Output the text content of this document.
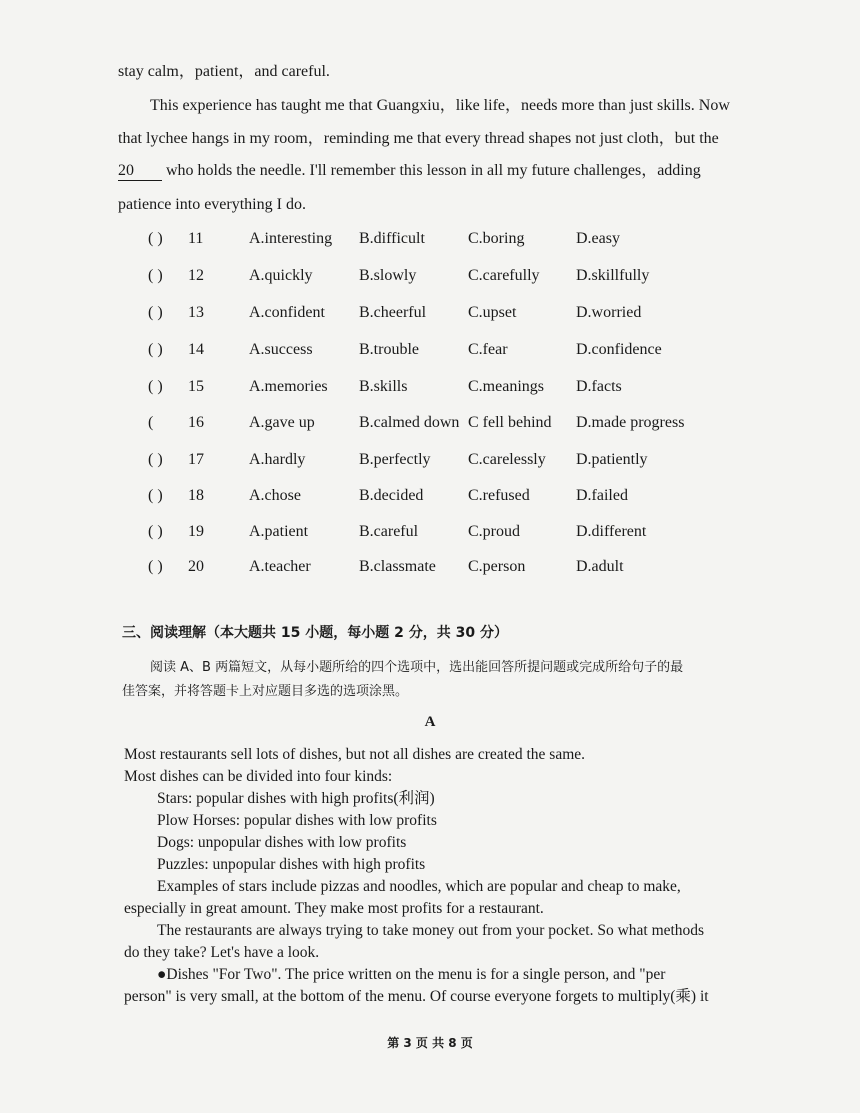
stay calm，patient，and careful.
This experience has taught me that Guangxiu，like life，needs more than just skills. Now
that lychee hangs in my room，reminding me that every thread shapes not just cloth，but the
20 who holds the needle. I'll remember this lesson in all my future challenges，adding
patience into everything I do.
( ) 11	A.interesting B.difficult	C.boring	D.easy
( ) 12	A.quickly	B.slowly	C.carefully D.skillfully
( ) 13	A.confident B.cheerful	C.upset	D.worried
( ) 14	A.success	B.trouble	C.fear	D.confidence
( ) 15	A.memories B.skills	C.meanings D.facts
( 16	A.gave up	B.calmed down C fell behind D.made progress
( ) 17	A.hardly	B.perfectly C.carelessly D.patiently
( ) 18	A.chose	B.decided	C.refused	D.failed
( ) 19	A.patient	B.careful	C.proud	D.different
( ) 20	A.teacher	B.classmate C.person	D.adult
三、阅读理解（本大题共 15 小题，每小题 2 分，共 30 分）
阅读 A、B 两篇短文，从每小题所给的四个选项中，选出能回答所提问题或完成所给句子的最
佳答案，并将答题卡上对应题目多选的选项涂黑。
A
Most restaurants sell lots of dishes, but not all dishes are created the same.
Most dishes can be divided into four kinds:
Stars: popular dishes with high profits(利润)
Plow Horses: popular dishes with low profits
Dogs: unpopular dishes with low profits
Puzzles: unpopular dishes with high profits
Examples of stars include pizzas and noodles, which are popular and cheap to make,
especially in great amount. They make most profits for a restaurant.
The restaurants are always trying to take money out from your pocket. So what methods
do they take? Let's have a look.
●Dishes "For Two". The price written on the menu is for a single person, and "per
person" is very small, at the bottom of the menu. Of course everyone forgets to multiply(乘) it
第 3 页 共 8 页
